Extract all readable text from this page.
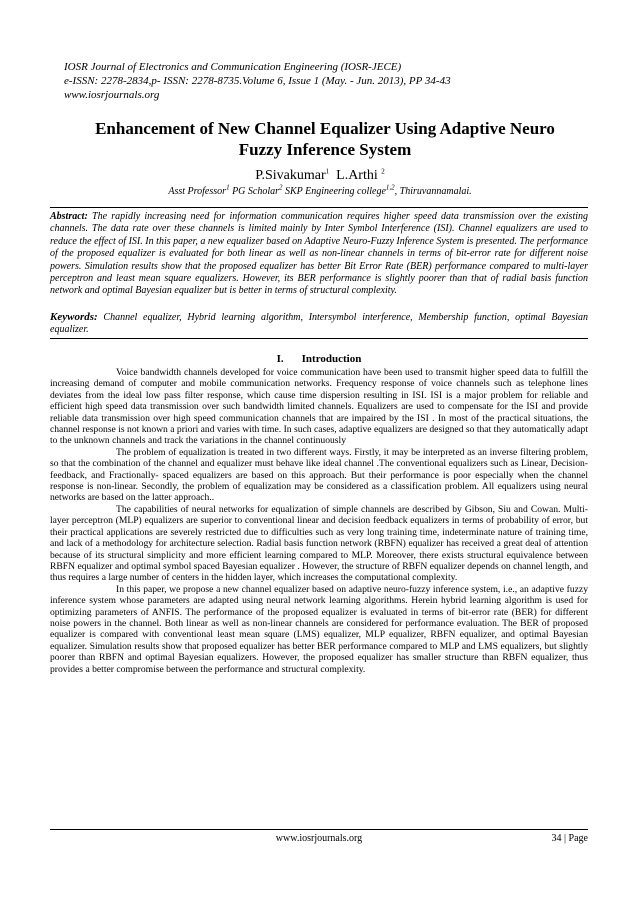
IOSR Journal of Electronics and Communication Engineering (IOSR-JECE)
e-ISSN: 2278-2834,p- ISSN: 2278-8735.Volume 6, Issue 1 (May. - Jun. 2013), PP 34-43
www.iosrjournals.org
Enhancement of New Channel Equalizer Using Adaptive Neuro Fuzzy Inference System
P.Sivakumar$^1$ L.Arthi $^2$
Asst Professor$^1$ PG Scholar$^2$ SKP Engineering college$^{1,2}$, Thiruvannamalai.
Abstract: The rapidly increasing need for information communication requires higher speed data transmission over the existing channels. The data rate over these channels is limited mainly by Inter Symbol Interference (ISI). Channel equalizers are used to reduce the effect of ISI. In this paper, a new equalizer based on Adaptive Neuro-Fuzzy Inference System is presented. The performance of the proposed equalizer is evaluated for both linear as well as non-linear channels in terms of bit-error rate for different noise powers. Simulation results show that the proposed equalizer has better Bit Error Rate (BER) performance compared to multi-layer perceptron and least mean square equalizers. However, its BER performance is slightly poorer than that of radial basis function network and optimal Bayesian equalizer but is better in terms of structural complexity.
Keywords: Channel equalizer, Hybrid learning algorithm, Intersymbol interference, Membership function, optimal Bayesian equalizer.
I. Introduction

Voice bandwidth channels developed for voice communication have been used to transmit higher speed data to fulfill the increasing demand of computer and mobile communication networks. Frequency response of voice channels such as telephone lines deviates from the ideal low pass filter response, which cause time dispersion resulting in ISI. ISI is a major problem for reliable and efficient high speed data transmission over such bandwidth limited channels. Equalizers are used to compensate for the ISI and provide reliable data transmission over high speed communication channels that are impaired by the ISI . In most of the practical situations, the channel response is not known a priori and varies with time. In such cases, adaptive equalizers are designed so that they automatically adapt to the unknown channels and track the variations in the channel continuously

The problem of equalization is treated in two different ways. Firstly, it may be interpreted as an inverse filtering problem, so that the combination of the channel and equalizer must behave like ideal channel .The conventional equalizers such as Linear, Decision-feedback, and Fractionally- spaced equalizers are based on this approach. But their performance is poor especially when the channel response is non-linear. Secondly, the problem of equalization may be considered as a classification problem. All equalizers using neural networks are based on the latter approach..

The capabilities of neural networks for equalization of simple channels are described by Gibson, Siu and Cowan. Multi-layer perceptron (MLP) equalizers are superior to conventional linear and decision feedback equalizers in terms of probability of error, but their practical applications are severely restricted due to difficulties such as very long training time, indeterminate nature of training time, and lack of a methodology for architecture selection. Radial basis function network (RBFN) equalizer has received a great deal of attention because of its structural simplicity and more efficient learning compared to MLP. Moreover, there exists structural equivalence between RBFN equalizer and optimal symbol spaced Bayesian equalizer . However, the structure of RBFN equalizer depends on channel length, and thus requires a large number of centers in the hidden layer, which increases the computational complexity.

In this paper, we propose a new channel equalizer based on adaptive neuro-fuzzy inference system, i.e., an adaptive fuzzy inference system whose parameters are adapted using neural network learning algorithms. Herein hybrid learning algorithm is used for optimizing parameters of ANFIS. The performance of the proposed equalizer is evaluated in terms of bit-error rate (BER) for different noise powers in the channel. Both linear as well as non-linear channels are considered for performance evaluation. The BER of proposed equalizer is compared with conventional least mean square (LMS) equalizer, MLP equalizer, RBFN equalizer, and optimal Bayesian equalizer. Simulation results show that proposed equalizer has better BER performance compared to MLP and LMS equalizers, but slightly poorer than RBFN and optimal Bayesian equalizers. However, the proposed equalizer has smaller structure than RBFN equalizer, thus provides a better compromise between the performance and structural complexity.

www.iosrjournals.org	34 | Page
